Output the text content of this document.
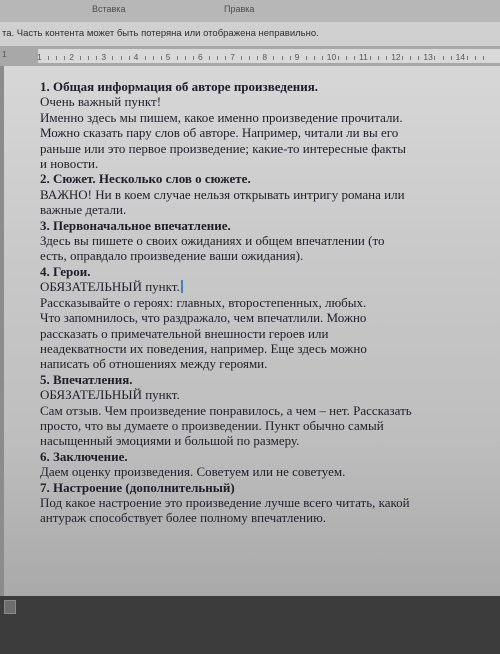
Вставка	Правка
та. Часть контента может быть потеряна или отображена неправильно.
1	1	2	3	4	5	6	7	8	9	10	11	12	13	14
1. Общая информация об авторе произведения.
Очень важный пункт!
Именно здесь мы пишем, какое именно произведение прочитали.
Можно сказать пару слов об авторе. Например, читали ли вы его
раньше или это первое произведение; какие-то интересные факты
и новости.
2. Сюжет. Несколько слов о сюжете.
ВАЖНО! Ни в коем случае нельзя открывать интригу романа или
важные детали.
3. Первоначальное впечатление.
Здесь вы пишете о своих ожиданиях и общем впечатлении (то
есть, оправдало произведение ваши ожидания).
4. Герои.
ОБЯЗАТЕЛЬНЫЙ пункт.
Рассказывайте о героях: главных, второстепенных, любых.
Что запомнилось, что раздражало, чем впечатлили. Можно
рассказать о примечательной внешности героев или
неадекватности их поведения, например. Еще здесь можно
написать об отношениях между героями.
5. Впечатления.
ОБЯЗАТЕЛЬНЫЙ пункт.
Сам отзыв. Чем произведение понравилось, а чем – нет. Рассказать
просто, что вы думаете о произведении. Пункт обычно самый
насыщенный эмоциями и большой по размеру.
6. Заключение.
Даем оценку произведения. Советуем или не советуем.
7. Настроение (дополнительный)
Под какое настроение это произведение лучше всего читать, какой
антураж способствует более полному впечатлению.
